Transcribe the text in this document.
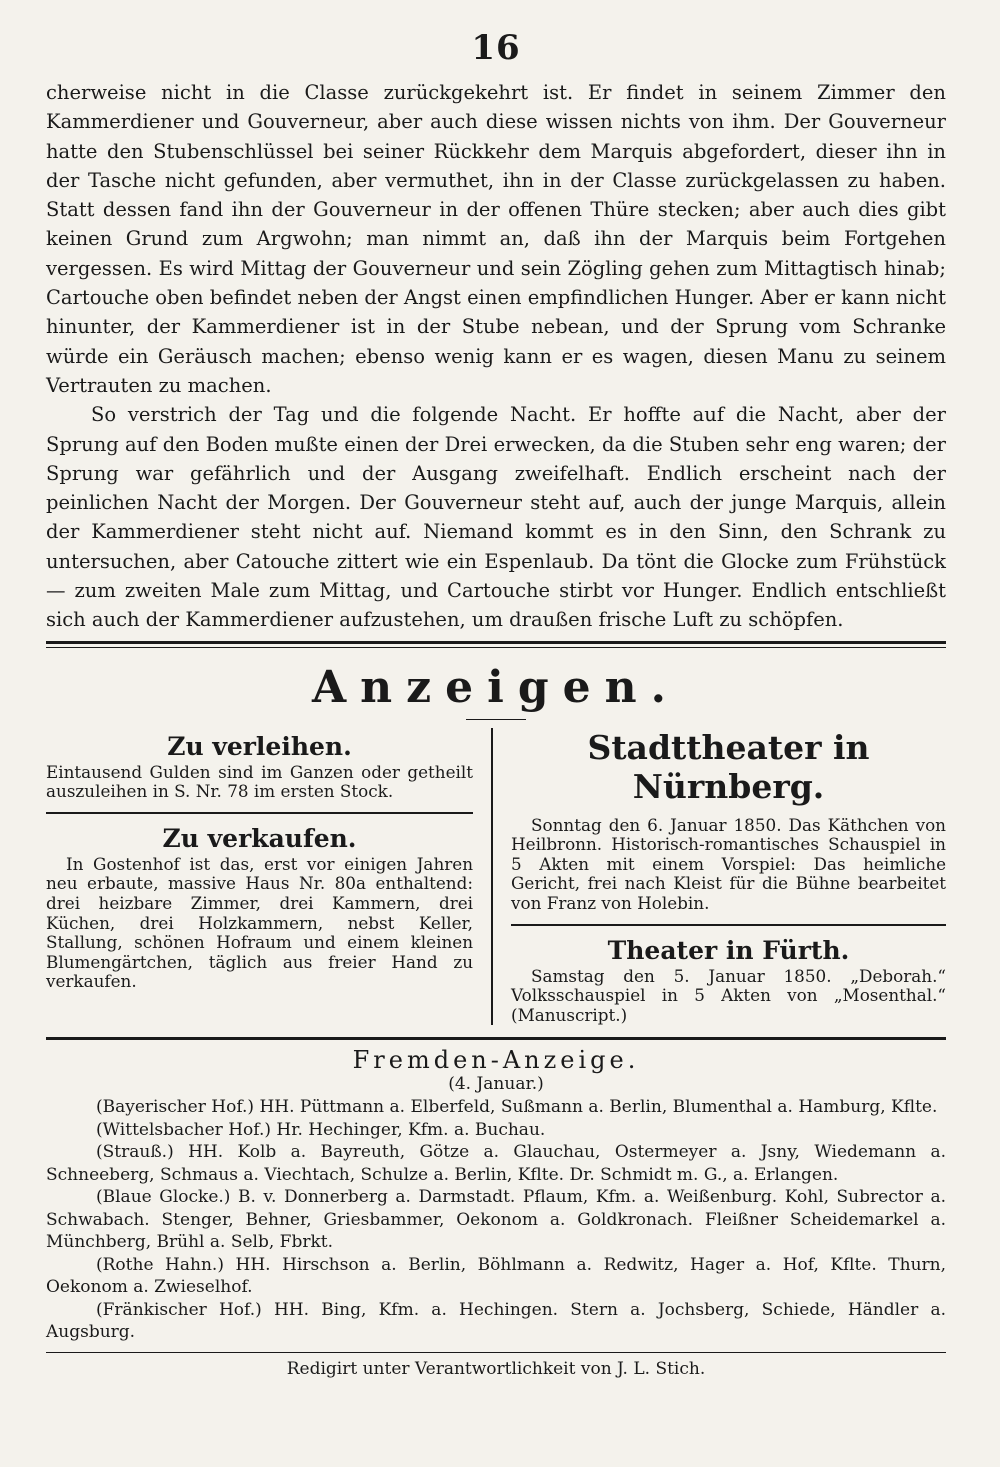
16

cherweise nicht in die Classe zurückgekehrt ist. Er findet in seinem Zimmer den Kammerdiener und Gouverneur, aber auch diese wissen nichts von ihm. Der Gouverneur hatte den Stubenschlüssel bei seiner Rückkehr dem Marquis abgefordert, dieser ihn in der Tasche nicht gefunden, aber vermuthet, ihn in der Classe zurückgelassen zu haben. Statt dessen fand ihn der Gouverneur in der offenen Thüre stecken; aber auch dies gibt keinen Grund zum Argwohn; man nimmt an, daß ihn der Marquis beim Fortgehen vergessen. Es wird Mittag der Gouverneur und sein Zögling gehen zum Mittagtisch hinab; Cartouche oben befindet neben der Angst einen empfindlichen Hunger. Aber er kann nicht hinunter, der Kammerdiener ist in der Stube nebean, und der Sprung vom Schranke würde ein Geräusch machen; ebenso wenig kann er es wagen, diesen Manu zu seinem Vertrauten zu machen.

So verstrich der Tag und die folgende Nacht. Er hoffte auf die Nacht, aber der Sprung auf den Boden mußte einen der Drei erwecken, da die Stuben sehr eng waren; der Sprung war gefährlich und der Ausgang zweifelhaft. Endlich erscheint nach der peinlichen Nacht der Morgen. Der Gouverneur steht auf, auch der junge Marquis, allein der Kammerdiener steht nicht auf. Niemand kommt es in den Sinn, den Schrank zu untersuchen, aber Catouche zittert wie ein Espenlaub. Da tönt die Glocke zum Frühstück — zum zweiten Male zum Mittag, und Cartouche stirbt vor Hunger. Endlich entschließt sich auch der Kammerdiener aufzustehen, um draußen frische Luft zu schöpfen.

Anzeigen.
Zu verleihen.

Eintausend Gulden sind im Ganzen oder getheilt auszuleihen in S. Nr. 78 im ersten Stock.

Zu verkaufen.

In Gostenhof ist das, erst vor einigen Jahren neu erbaute, massive Haus Nr. 80a enthaltend: drei heizbare Zimmer, drei Kammern, drei Küchen, drei Holzkammern, nebst Keller, Stallung, schönen Hofraum und einem kleinen Blumengärtchen, täglich aus freier Hand zu verkaufen.

Stadttheater in Nürnberg.

Sonntag den 6. Januar 1850. Das Käthchen von Heilbronn. Historisch-romantisches Schauspiel in 5 Akten mit einem Vorspiel: Das heimliche Gericht, frei nach Kleist für die Bühne bearbeitet von Franz von Holebin.

Theater in Fürth.

Samstag den 5. Januar 1850. „Deborah.“ Volksschauspiel in 5 Akten von „Mosenthal.“ (Manuscript.)

Fremden-Anzeige.
(4. Januar.)

(Bayerischer Hof.) HH. Püttmann a. Elberfeld, Sußmann a. Berlin, Blumenthal a. Hamburg, Kflte.

(Wittelsbacher Hof.) Hr. Hechinger, Kfm. a. Buchau.

(Strauß.) HH. Kolb a. Bayreuth, Götze a. Glauchau, Ostermeyer a. Jsny, Wiedemann a. Schneeberg, Schmaus a. Viechtach, Schulze a. Berlin, Kflte. Dr. Schmidt m. G., a. Erlangen.

(Blaue Glocke.) B. v. Donnerberg a. Darmstadt. Pflaum, Kfm. a. Weißenburg. Kohl, Subrector a. Schwabach. Stenger, Behner, Griesbammer, Oekonom a. Goldkronach. Fleißner Scheidemarkel a. Münchberg, Brühl a. Selb, Fbrkt.

(Rothe Hahn.) HH. Hirschson a. Berlin, Böhlmann a. Redwitz, Hager a. Hof, Kflte. Thurn, Oekonom a. Zwieselhof.

(Fränkischer Hof.) HH. Bing, Kfm. a. Hechingen. Stern a. Jochsberg, Schiede, Händler a. Augsburg.

Redigirt unter Verantwortlichkeit von J. L. Stich.
